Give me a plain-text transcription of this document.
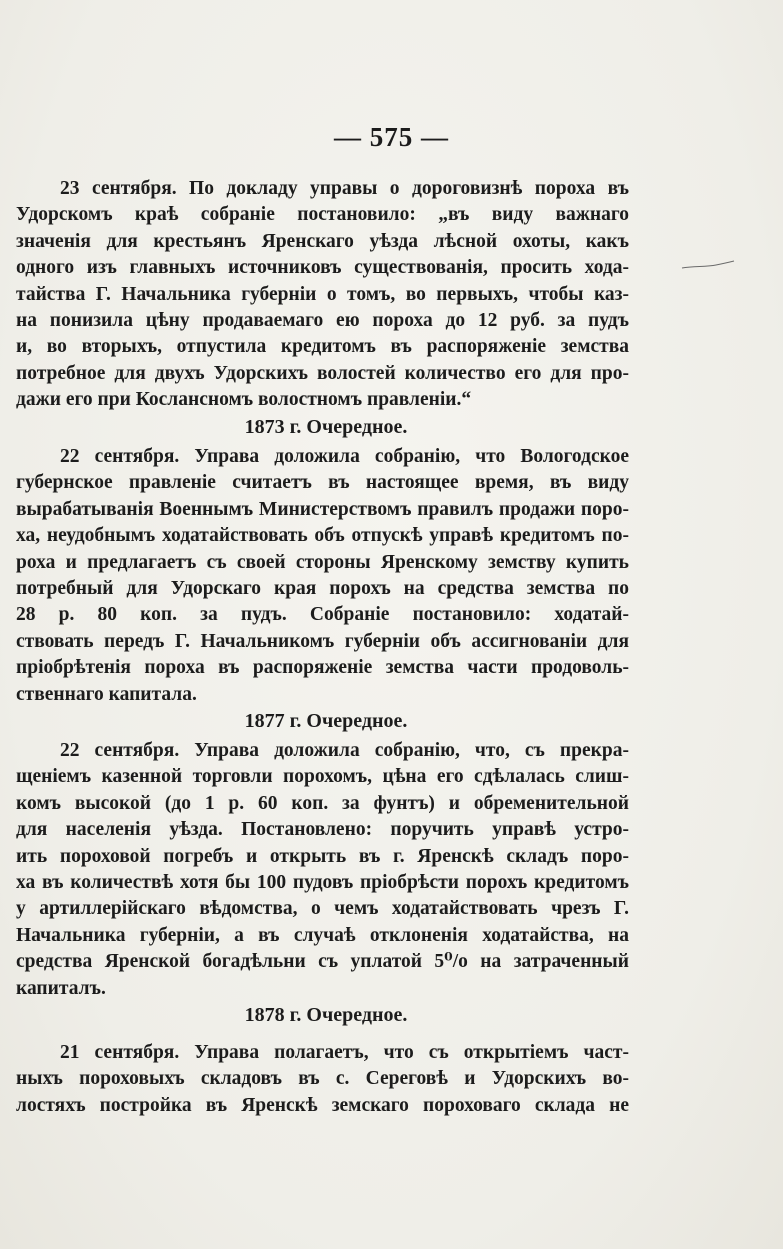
— 575 —
23 сентября. По докладу управы о дороговизнѣ пороха въ
Удорскомъ краѣ собраніе постановило: „въ виду важнаго
значенія для крестьянъ Яренскаго уѣзда лѣсной охоты, какъ
одного изъ главныхъ источниковъ существованія, просить хода-
тайства Г. Начальника губерніи о томъ, во первыхъ, чтобы каз-
на понизила цѣну продаваемаго ею пороха до 12 руб. за пудъ
и, во вторыхъ, отпустила кредитомъ въ распоряженіе земства
потребное для двухъ Удорскихъ волостей количество его для про-
дажи его при Кослансномъ волостномъ правленіи.“
1873 г. Очередное.
22 сентября. Управа доложила собранію, что Вологодское
губернское правленіе считаетъ въ настоящее время, въ виду
вырабатыванія Военнымъ Министерствомъ правилъ продажи поро-
ха, неудобнымъ ходатайствовать объ отпускѣ управѣ кредитомъ по-
роха и предлагаетъ съ своей стороны Яренскому земству купить
потребный для Удорскаго края порохъ на средства земства по
28 р. 80 коп. за пудъ. Собраніе постановило: ходатай-
ствовать передъ Г. Начальникомъ губерніи объ ассигнованіи для
пріобрѣтенія пороха въ распоряженіе земства части продоволь-
ственнаго капитала.
1877 г. Очередное.
22 сентября. Управа доложила собранію, что, съ прекра-
щеніемъ казенной торговли порохомъ, цѣна его сдѣлалась слиш-
комъ высокой (до 1 р. 60 коп. за фунтъ) и обременительной
для населенія уѣзда. Постановлено: поручить управѣ устро-
ить пороховой погребъ и открыть въ г. Яренскѣ складъ поро-
ха въ количествѣ хотя бы 100 пудовъ пріобрѣсти порохъ кредитомъ
у артиллерійскаго вѣдомства, о чемъ ходатайствовать чрезъ Г.
Начальника губерніи, а въ случаѣ отклоненія ходатайства, на
средства Яренской богадѣльни съ уплатой 5⁰/о на затраченный
капиталъ.
1878 г. Очередное.
21 сентября. Управа полагаетъ, что съ открытіемъ част-
ныхъ пороховыхъ складовъ въ с. Сереговѣ и Удорскихъ во-
лостяхъ постройка въ Яренскѣ земскаго пороховаго склада не
